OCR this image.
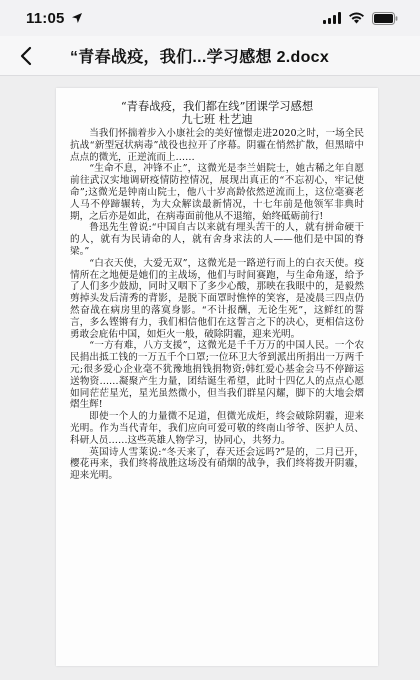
11:05
“青春战疫，我们...学习感想 2.docx
“青春战疫，我们都在线”团课学习感想
九七班 杜艺迪

当我们怀揣着步入小康社会的美好憧憬走进2020之时，一场全民抗战“新型冠状病毒”战役也拉开了序幕。阴霾在悄然扩散，但黑暗中点点的微光，正逆流而上……

“生命不息，冲锋不止”，这微光是李兰娟院士，她古稀之年自愿前往武汉实地调研疫情防控情况，展现出真正的“不忘初心，牢记使命”;这微光是钟南山院士，他八十岁高龄依然逆流而上，这位毫赛老人马不停蹄辗转，为大众解读最新情况，十七年前是他领军非典时期，之后亦是如此，在病毒面前他从不退缩，始终砥砺前行!

鲁迅先生曾说:“中国自古以来就有埋头苦干的人，就有拼命硬干的人，就有为民请命的人，就有舍身求法的人——他们是中国的脊梁。”

“白衣天使，大爱无双”，这微光是一路逆行而上的白衣天使。疫情所在之地便是她们的主战场，他们与时间赛跑，与生命角逐，给予了人们多少鼓励，同时又咽下了多少心酸，那映在我眼中的，是毅然剪掉头发后清秀的背影，是脱下面罩时憔悴的笑容，是凌晨三四点仍然奋战在病房里的落寞身影。“不计报酬，无论生死”，这鲜红的誓言，多么铿锵有力，我们相信他们在这誓言之下的决心，更相信这份勇敢会庇佑中国，如炬火一般，破除阴霾，迎来光明。

“一方有难，八方支援”，这微光是千千万万的中国人民。一个农民捐出抵工钱的一万五千个口罩;一位环卫大爷到派出所捐出一万两千元;很多爱心企业毫不犹豫地捐钱捐物资;韩红爱心基金会马不停蹄运送物资……凝聚产生力量，团结诞生希望，此时十四亿人的点点心愿如同茫茫星光，星光虽然微小，但当我们群星闪耀，脚下的大地会熠熠生辉!

即使一个人的力量微不足道，但微光成炬，终会破除阴霾，迎来光明。作为当代青年，我们应向可爱可敬的终南山爷爷、医护人员、科研人员……这些英雄人物学习，协同心，共努力。

英国诗人雪莱说:“冬天来了，春天还会远吗?”是的，二月已开，樱花再来，我们终将战胜这场没有硝烟的战争，我们终将拨开阴霾，迎来光明。
